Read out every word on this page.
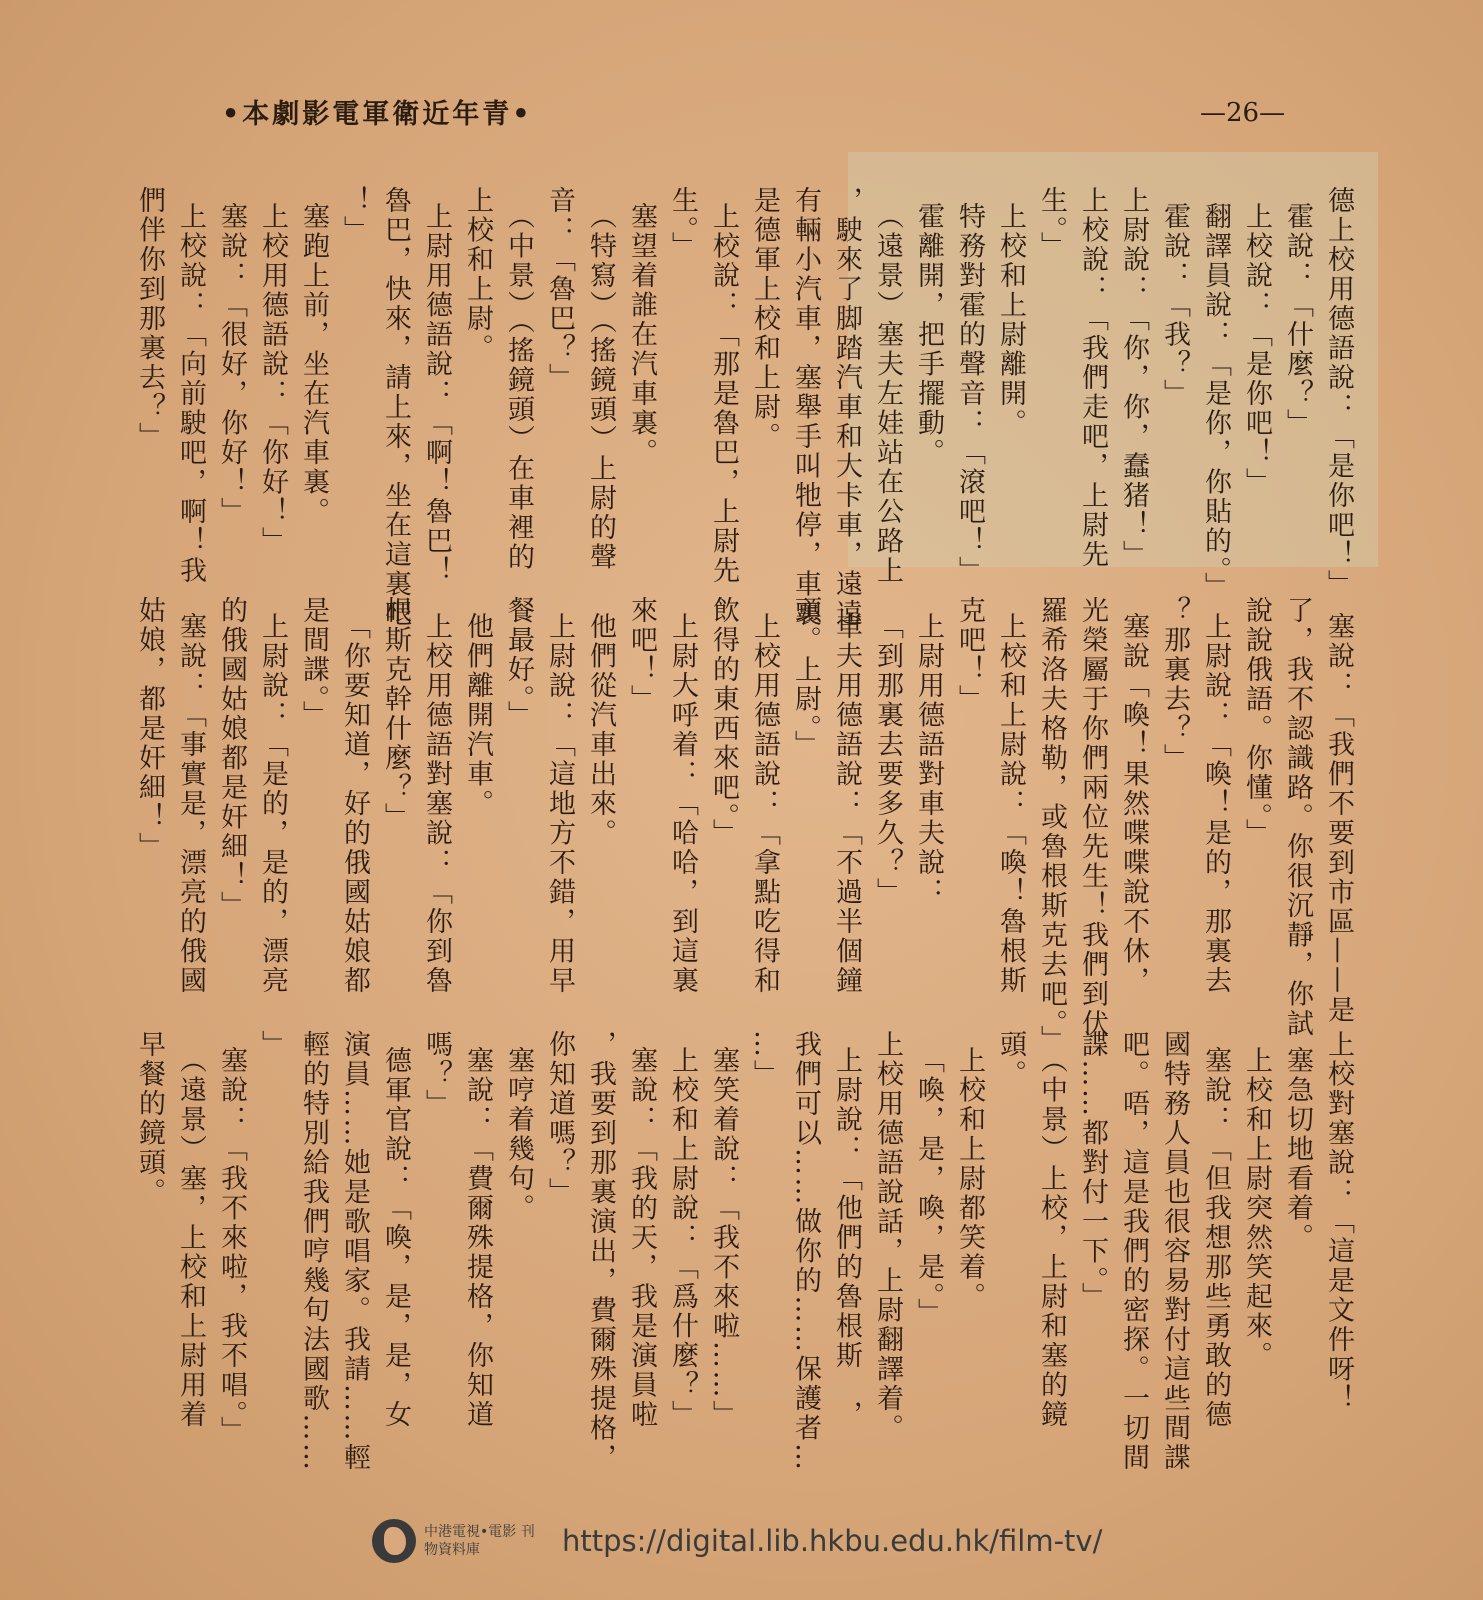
•本劇影電軍衛近年青•	—26—
德上校用德語說：「是你吧！」
霍說：「什麼？」
上校說：「是你吧！」
翻譯員說：「是你，你貼的。」
霍說：「我？」
上尉說：「你，你，蠢猪！」
上校說：「我們走吧，上尉先
生。」
上校和上尉離開。
特務對霍的聲音：「滾吧！」
霍離開，把手擺動。
（遠景）塞夫左娃站在公路上
，駛來了脚踏汽車和大卡車，遠遠
有輛小汽車，塞舉手叫牠停，車裏
是德軍上校和上尉。
上校說：「那是魯巴，上尉先
生。」
塞望着誰在汽車裏。
（特寫）（搖鏡頭）上尉的聲
音：「魯巴？」
（中景）（搖鏡頭）在車裡的
上校和上尉。
上尉用德語說：「啊！魯巴！
魯巴，快來，請上來，坐在這裏吧
！」
塞跑上前，坐在汽車裏。
上校用德語說：「你好！」
塞說：「很好，你好！」
上校說：「向前駛吧，啊！我
們伴你到那裏去？」
塞說：「我們不要到市區——是
了，我不認識路。你很沉靜，你試
說說俄語。你懂。」
上尉說：「喚！是的，那裏去
？那裏去？」
塞說「喚！果然喋喋說不休，
光榮屬于你們兩位先生！我們到伏
羅希洛夫格勒，或魯根斯克去吧。」
上校和上尉說：「喚！魯根斯
克吧！」
上尉用德語對車夫說：
「到那裏去要多久？」
車夫用德語說：「不過半個鐘
頭。上尉。」
上校用德語說：「拿點吃得和
飲得的東西來吧。」
上尉大呼着：「哈哈，到這裏
來吧！」
他們從汽車出來。
上尉說：「這地方不錯，用早
餐最好。」
他們離開汽車。
上校用德語對塞說：「你到魯
根斯克幹什麼？」
「你要知道，好的俄國姑娘都
是間諜。」
上尉說：「是的，是的，漂亮
的俄國姑娘都是奸細！」
塞說：「事實是，漂亮的俄國
姑娘，都是奸細！」
上校對塞說：「這是文件呀！
塞急切地看着。
上校和上尉突然笑起來。
塞說：「但我想那些勇敢的德
國特務人員也很容易對付這些間諜
吧。唔，這是我們的密探。一切間
諜……都對付一下。」
（中景）上校，上尉和塞的鏡
頭。
上校和上尉都笑着。
「喚，是，喚，是。」
上校用德語說話，上尉翻譯着。
上尉說：「他們的魯根斯　，
我們可以……做你的……保護者…
…」
塞笑着說：「我不來啦……」
上校和上尉說：「爲什麼？」
塞說：「我的天，我是演員啦
，我要到那裏演出，費爾殊提格，
你知道嗎？」
塞哼着幾句。
塞說：「費爾殊提格，你知道
嗎？」
德軍官說：「喚，是，是，女
演員……她是歌唱家。我請……輕
輕的特別給我們哼幾句法國歌……
」
塞說：「我不來啦，我不唱。」
（遠景）塞，上校和上尉用着
早餐的鏡頭。
中港電視•電影 刊物資料庫	https://digital.lib.hkbu.edu.hk/film-tv/
